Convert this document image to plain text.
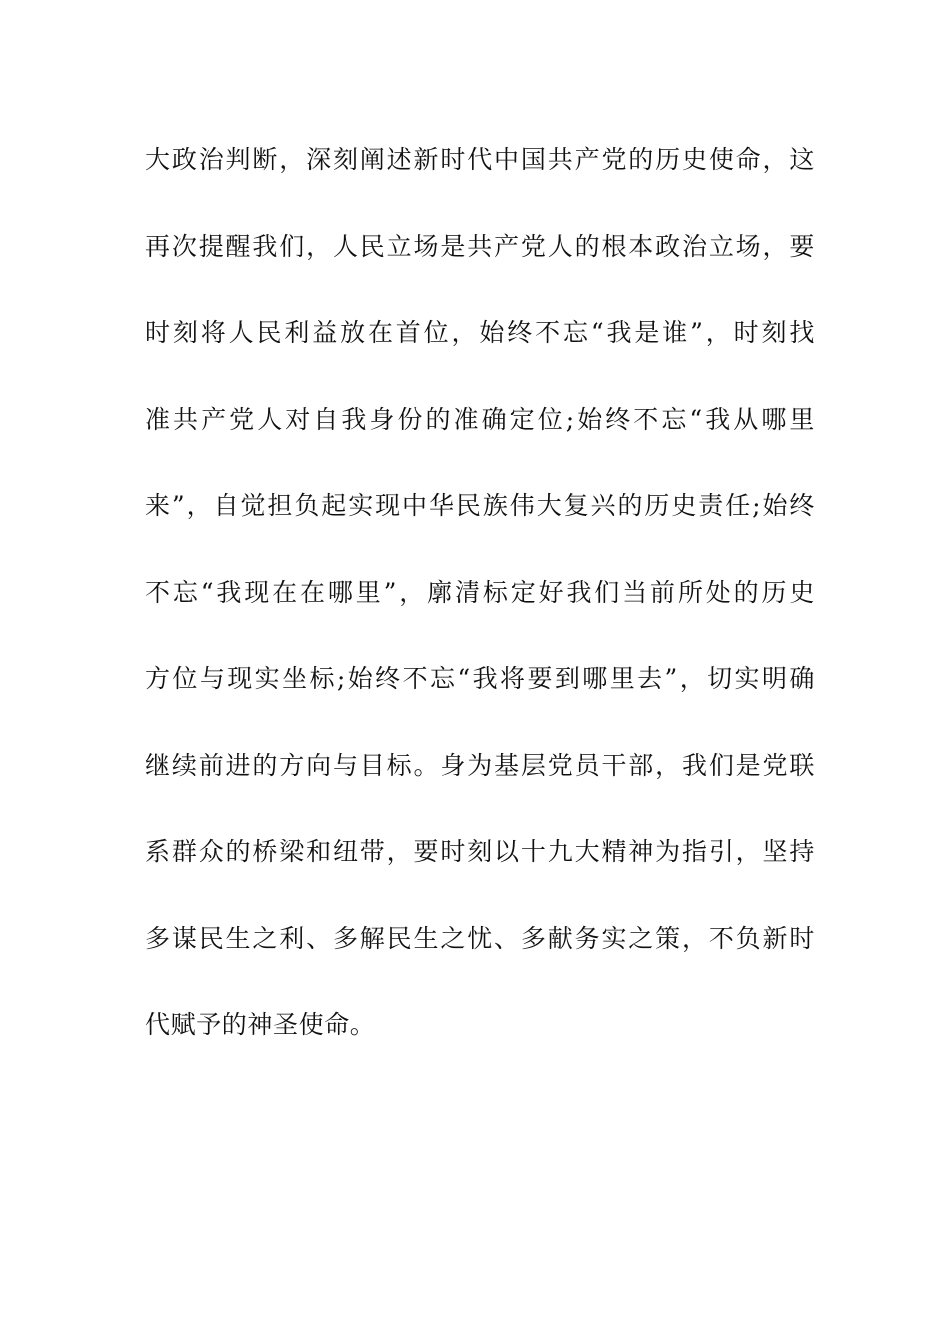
大政治判断，深刻阐述新时代中国共产党的历史使命，这
再次提醒我们，人民立场是共产党人的根本政治立场，要
时刻将人民利益放在首位，始终不忘“我是谁”，时刻找
准共产党人对自我身份的准确定位;始终不忘“我从哪里
来”，自觉担负起实现中华民族伟大复兴的历史责任;始终
不忘“我现在在哪里”，廓清标定好我们当前所处的历史
方位与现实坐标;始终不忘“我将要到哪里去”，切实明确
继续前进的方向与目标。身为基层党员干部，我们是党联
系群众的桥梁和纽带，要时刻以十九大精神为指引，坚持
多谋民生之利、多解民生之忧、多献务实之策，不负新时
代赋予的神圣使命。
